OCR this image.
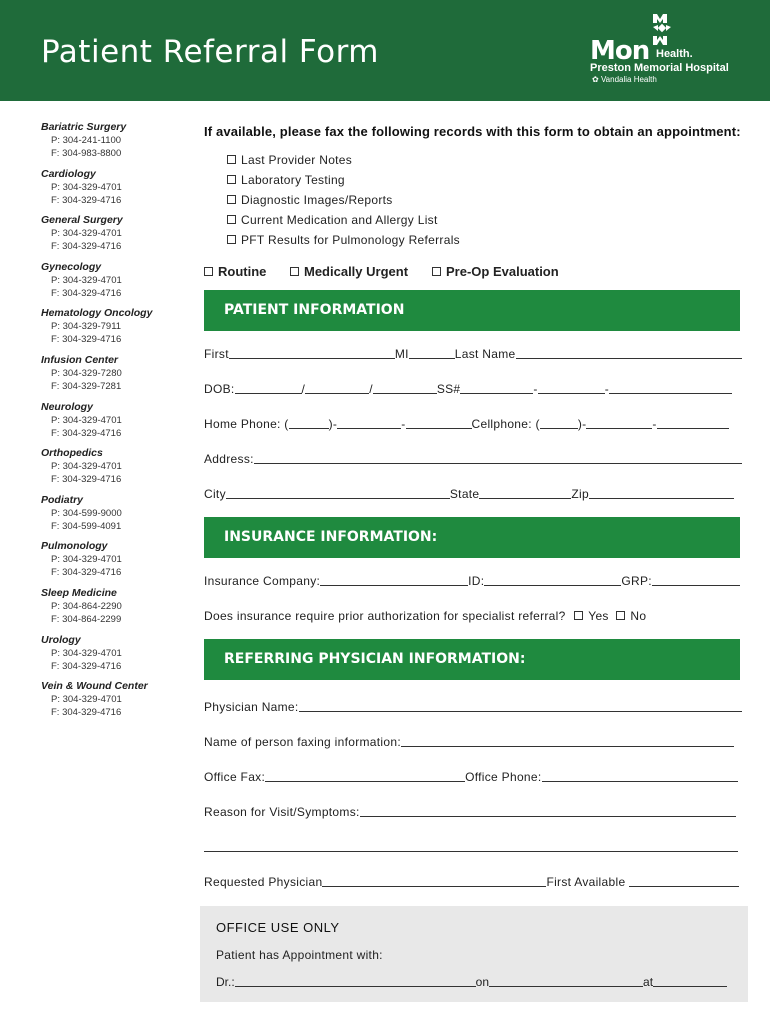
Patient Referral Form	Mon Health.
Preston Memorial Hospital
✿ Vandalia Health
Bariatric Surgery
P: 304-241-1100
F: 304-983-8800
Cardiology
P: 304-329-4701
F: 304-329-4716
General Surgery
P: 304-329-4701
F: 304-329-4716
Gynecology
P: 304-329-4701
F: 304-329-4716
Hematology Oncology
P: 304-329-7911
F: 304-329-4716
Infusion Center
P: 304-329-7280
F: 304-329-7281
Neurology
P: 304-329-4701
F: 304-329-4716
Orthopedics
P: 304-329-4701
F: 304-329-4716
Podiatry
P: 304-599-9000
F: 304-599-4091
Pulmonology
P: 304-329-4701
F: 304-329-4716
Sleep Medicine
P: 304-864-2290
F: 304-864-2299
Urology
P: 304-329-4701
F: 304-329-4716
Vein & Wound Center
P: 304-329-4701
F: 304-329-4716
If available, please fax the following records with this form to obtain an appointment:
Last Provider Notes
Laboratory Testing
Diagnostic Images/Reports
Current Medication and Allergy List
PFT Results for Pulmonology Referrals
Routine	Medically Urgent	Pre-Op Evaluation
PATIENT INFORMATION
First	MI	Last Name
DOB:	/	/	SS#	-	-
Home Phone: (	)-	-	Cellphone: (	)-	-
Address:
City	State	Zip
INSURANCE INFORMATION:
Insurance Company:	ID:	GRP:
Does insurance require prior authorization for specialist referral? Yes No
REFERRING PHYSICIAN INFORMATION:
Physician Name:
Name of person faxing information:
Office Fax:	Office Phone:
Reason for Visit/Symptoms:
Requested Physician	First Available
OFFICE USE ONLY
Patient has Appointment with:
Dr.:	on	at
